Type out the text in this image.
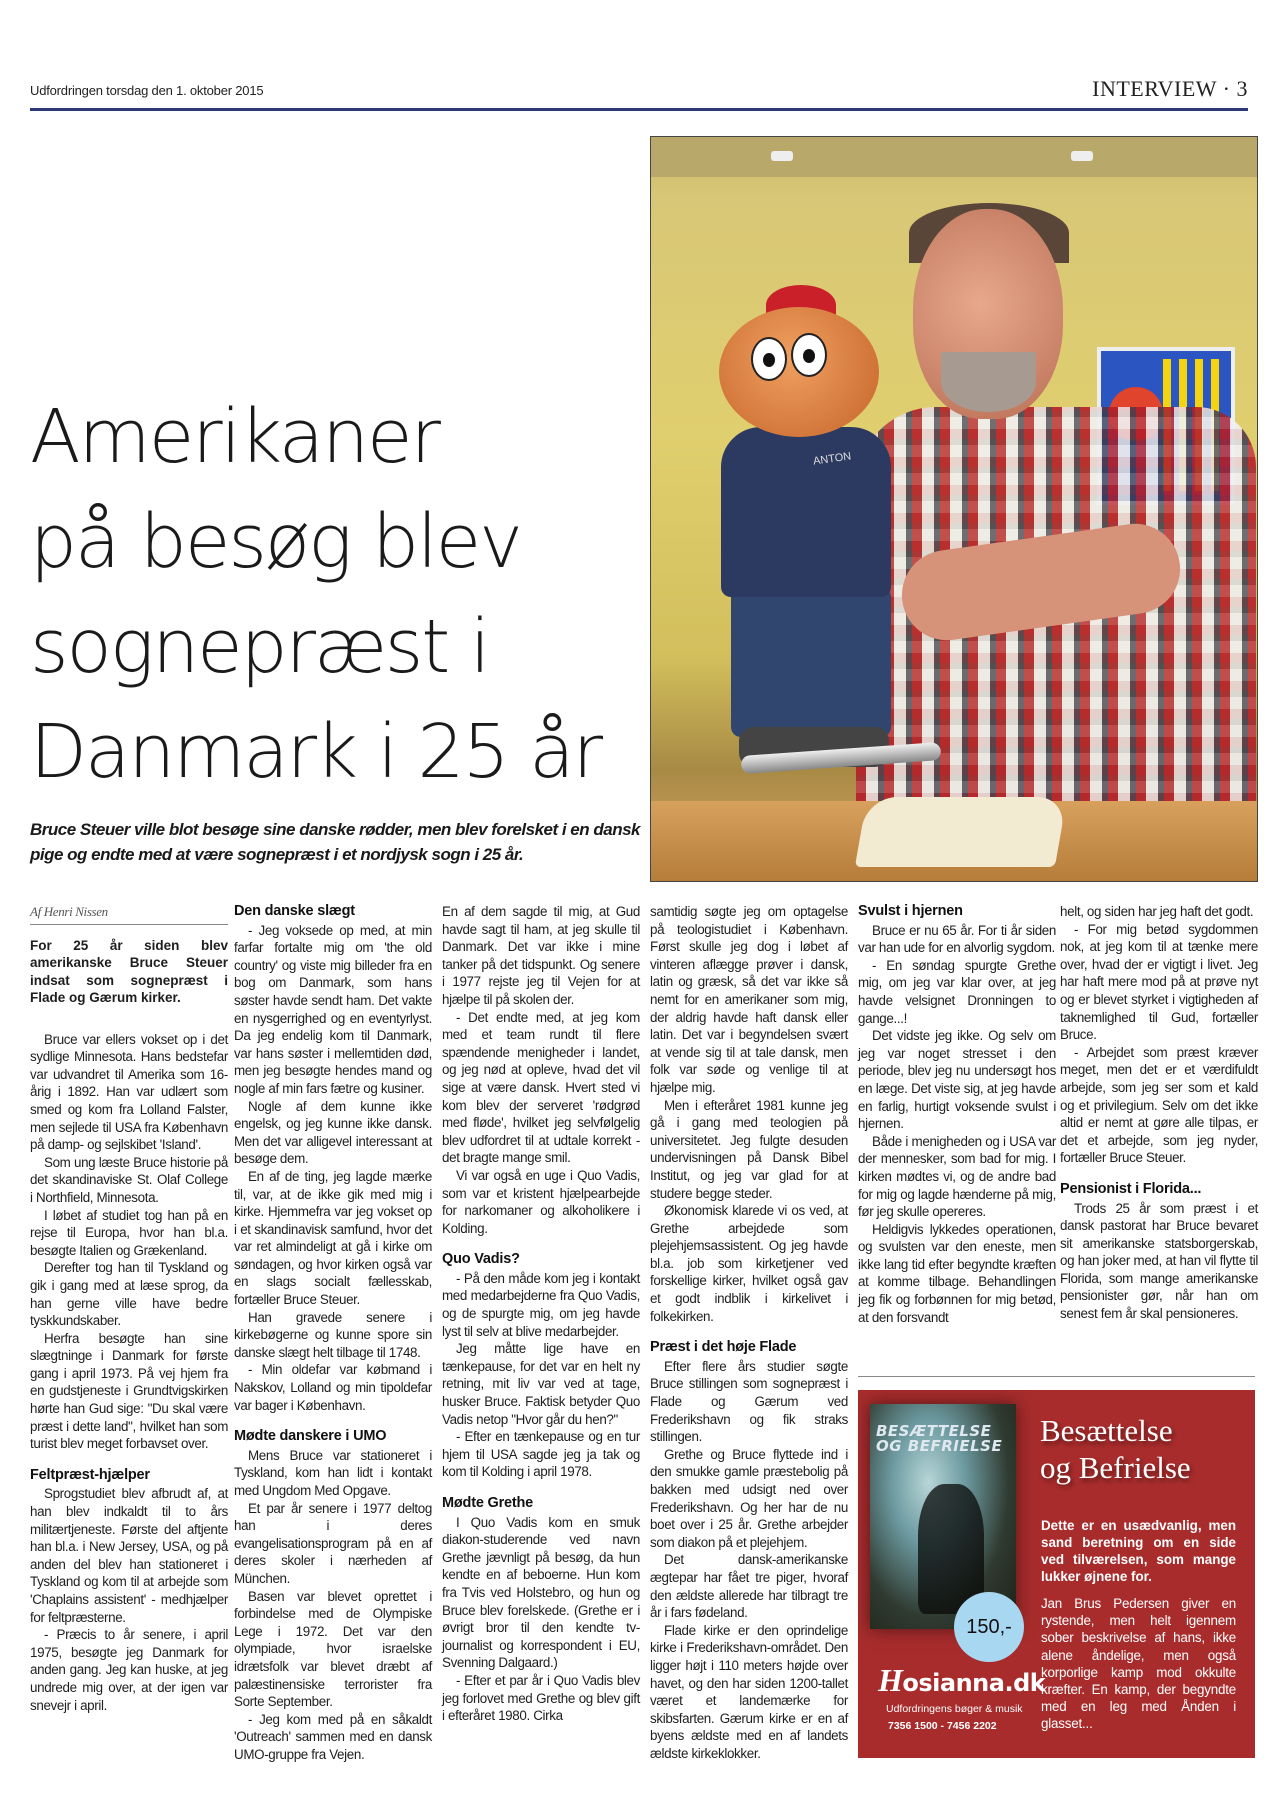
Udfordringen torsdag den 1. oktober 2015	INTERVIEW · 3
Amerikaner
på besøg blev
sognepræst i
Danmark i 25 år
Bruce Steuer ville blot besøge sine danske rødder, men blev forelsket i en dansk pige og endte med at være sognepræst i et nordjysk sogn i 25 år.
ANTON
Af Henri Nissen
For 25 år siden blev amerikanske Bruce Steuer indsat som sognepræst i Flade og Gærum kirker.

Bruce var ellers vokset op i det sydlige Minnesota. Hans bedstefar var udvandret til Amerika som 16-årig i 1892. Han var udlært som smed og kom fra Lolland Falster, men sejlede til USA fra København på damp- og sejlskibet 'Island'.

Som ung læste Bruce historie på det skandinaviske St. Olaf College i Northfield, Minnesota.

I løbet af studiet tog han på en rejse til Europa, hvor han bl.a. besøgte Italien og Grækenland.

Derefter tog han til Tyskland og gik i gang med at læse sprog, da han gerne ville have bedre tyskkundskaber.

Herfra besøgte han sine slægtninge i Danmark for første gang i april 1973. På vej hjem fra en gudstjeneste i Grundtvigskirken hørte han Gud sige: "Du skal være præst i dette land", hvilket han som turist blev meget forbavset over.

Feltpræst-hjælper

Sprogstudiet blev afbrudt af, at han blev indkaldt til to års militærtjeneste. Første del aftjente han bl.a. i New Jersey, USA, og på anden del blev han stationeret i Tyskland og kom til at arbejde som 'Chaplains assistent' - medhjælper for feltpræsterne.

- Præcis to år senere, i april 1975, besøgte jeg Danmark for anden gang. Jeg kan huske, at jeg undrede mig over, at der igen var snevejr i april.

Den danske slægt

- Jeg voksede op med, at min farfar fortalte mig om 'the old country' og viste mig billeder fra en bog om Danmark, som hans søster havde sendt ham. Det vakte en nysgerrighed og en eventyrlyst. Da jeg endelig kom til Danmark, var hans søster i mellemtiden død, men jeg besøgte hendes mand og nogle af min fars fætre og kusiner.

Nogle af dem kunne ikke engelsk, og jeg kunne ikke dansk. Men det var alligevel interessant at besøge dem.

En af de ting, jeg lagde mærke til, var, at de ikke gik med mig i kirke. Hjemmefra var jeg vokset op i et skandinavisk samfund, hvor det var ret almindeligt at gå i kirke om søndagen, og hvor kirken også var en slags socialt fællesskab, fortæller Bruce Steuer.

Han gravede senere i kirkebøgerne og kunne spore sin danske slægt helt tilbage til 1748.

- Min oldefar var købmand i Nakskov, Lolland og min tipoldefar var bager i København.

Mødte danskere i UMO

Mens Bruce var stationeret i Tyskland, kom han lidt i kontakt med Ungdom Med Opgave.

Et par år senere i 1977 deltog han i deres evangelisationsprogram på en af deres skoler i nærheden af München.

Basen var blevet oprettet i forbindelse med de Olympiske Lege i 1972. Det var den olympiade, hvor israelske idrætsfolk var blevet dræbt af palæstinensiske terrorister fra Sorte September.

- Jeg kom med på en såkaldt 'Outreach' sammen med en dansk UMO-gruppe fra Vejen.

En af dem sagde til mig, at Gud havde sagt til ham, at jeg skulle til Danmark. Det var ikke i mine tanker på det tidspunkt. Og senere i 1977 rejste jeg til Vejen for at hjælpe til på skolen der.

- Det endte med, at jeg kom med et team rundt til flere spændende menigheder i landet, og jeg nød at opleve, hvad det vil sige at være dansk. Hvert sted vi kom blev der serveret 'rødgrød med fløde', hvilket jeg selvfølgelig blev udfordret til at udtale korrekt - det bragte mange smil.

Vi var også en uge i Quo Vadis, som var et kristent hjælpearbejde for narkomaner og alkoholikere i Kolding.

Quo Vadis?

- På den måde kom jeg i kontakt med medarbejderne fra Quo Vadis, og de spurgte mig, om jeg havde lyst til selv at blive medarbejder.

Jeg måtte lige have en tænkepause, for det var en helt ny retning, mit liv var ved at tage, husker Bruce. Faktisk betyder Quo Vadis netop "Hvor går du hen?"

- Efter en tænkepause og en tur hjem til USA sagde jeg ja tak og kom til Kolding i april 1978.

Mødte Grethe

I Quo Vadis kom en smuk diakon-studerende ved navn Grethe jævnligt på besøg, da hun kendte en af beboerne. Hun kom fra Tvis ved Holstebro, og hun og Bruce blev forelskede. (Grethe er i øvrigt bror til den kendte tv-journalist og korrespondent i EU, Svenning Dalgaard.)

- Efter et par år i Quo Vadis blev jeg forlovet med Grethe og blev gift i efteråret 1980. Cirka

samtidig søgte jeg om optagelse på teologistudiet i København. Først skulle jeg dog i løbet af vinteren aflægge prøver i dansk, latin og græsk, så det var ikke så nemt for en amerikaner som mig, der aldrig havde haft dansk eller latin. Det var i begyndelsen svært at vende sig til at tale dansk, men folk var søde og venlige til at hjælpe mig.

Men i efteråret 1981 kunne jeg gå i gang med teologien på universitetet. Jeg fulgte desuden undervisningen på Dansk Bibel Institut, og jeg var glad for at studere begge steder.

Økonomisk klarede vi os ved, at Grethe arbejdede som plejehjemsassistent. Og jeg havde bl.a. job som kirketjener ved forskellige kirker, hvilket også gav et godt indblik i kirkelivet i folkekirken.

Præst i det høje Flade

Efter flere års studier søgte Bruce stillingen som sognepræst i Flade og Gærum ved Frederikshavn og fik straks stillingen.

Grethe og Bruce flyttede ind i den smukke gamle præstebolig på bakken med udsigt ned over Frederikshavn. Og her har de nu boet over i 25 år. Grethe arbejder som diakon på et plejehjem.

Det dansk-amerikanske ægtepar har fået tre piger, hvoraf den ældste allerede har tilbragt tre år i fars fødeland.

Flade kirke er den oprindelige kirke i Frederikshavn-området. Den ligger højt i 110 meters højde over havet, og den har siden 1200-tallet været et landemærke for skibsfarten. Gærum kirke er en af byens ældste med en af landets ældste kirkeklokker.

Svulst i hjernen

Bruce er nu 65 år. For ti år siden var han ude for en alvorlig sygdom.

- En søndag spurgte Grethe mig, om jeg var klar over, at jeg havde velsignet Dronningen to gange...!

Det vidste jeg ikke. Og selv om jeg var noget stresset i den periode, blev jeg nu undersøgt hos en læge. Det viste sig, at jeg havde en farlig, hurtigt voksende svulst i hjernen.

Både i menigheden og i USA var der mennesker, som bad for mig. I kirken mødtes vi, og de andre bad for mig og lagde hænderne på mig, før jeg skulle opereres.

Heldigvis lykkedes operationen, og svulsten var den eneste, men ikke lang tid efter begyndte kræften at komme tilbage. Behandlingen jeg fik og forbønnen for mig betød, at den forsvandt

helt, og siden har jeg haft det godt.

- For mig betød sygdommen nok, at jeg kom til at tænke mere over, hvad der er vigtigt i livet. Jeg har haft mere mod på at prøve nyt og er blevet styrket i vigtigheden af taknemlighed til Gud, fortæller Bruce.

- Arbejdet som præst kræver meget, men det er et værdifuldt arbejde, som jeg ser som et kald og et privilegium. Selv om det ikke altid er nemt at gøre alle tilpas, er det et arbejde, som jeg nyder, fortæller Bruce Steuer.

Pensionist i Florida...

Trods 25 år som præst i et dansk pastorat har Bruce bevaret sit amerikanske statsborgerskab, og han joker med, at han vil flytte til Florida, som mange amerikanske pensionister gør, når han om senest fem år skal pensioneres.

BESÆTTELSE
OG BEFRIELSE
150,-
Besættelse
og Befrielse
Dette er en usædvanlig, men sand beretning om en side ved tilværelsen, som mange lukker øjnene for.
Jan Brus Pedersen giver en rystende, men helt igennem sober beskrivelse af hans, ikke alene åndelige, men også korporlige kamp mod okkulte kræfter. En kamp, der begyndte med en leg med Ånden i glasset...
Hosianna.dk
Udfordringens bøger & musik
7356 1500 - 7456 2202
